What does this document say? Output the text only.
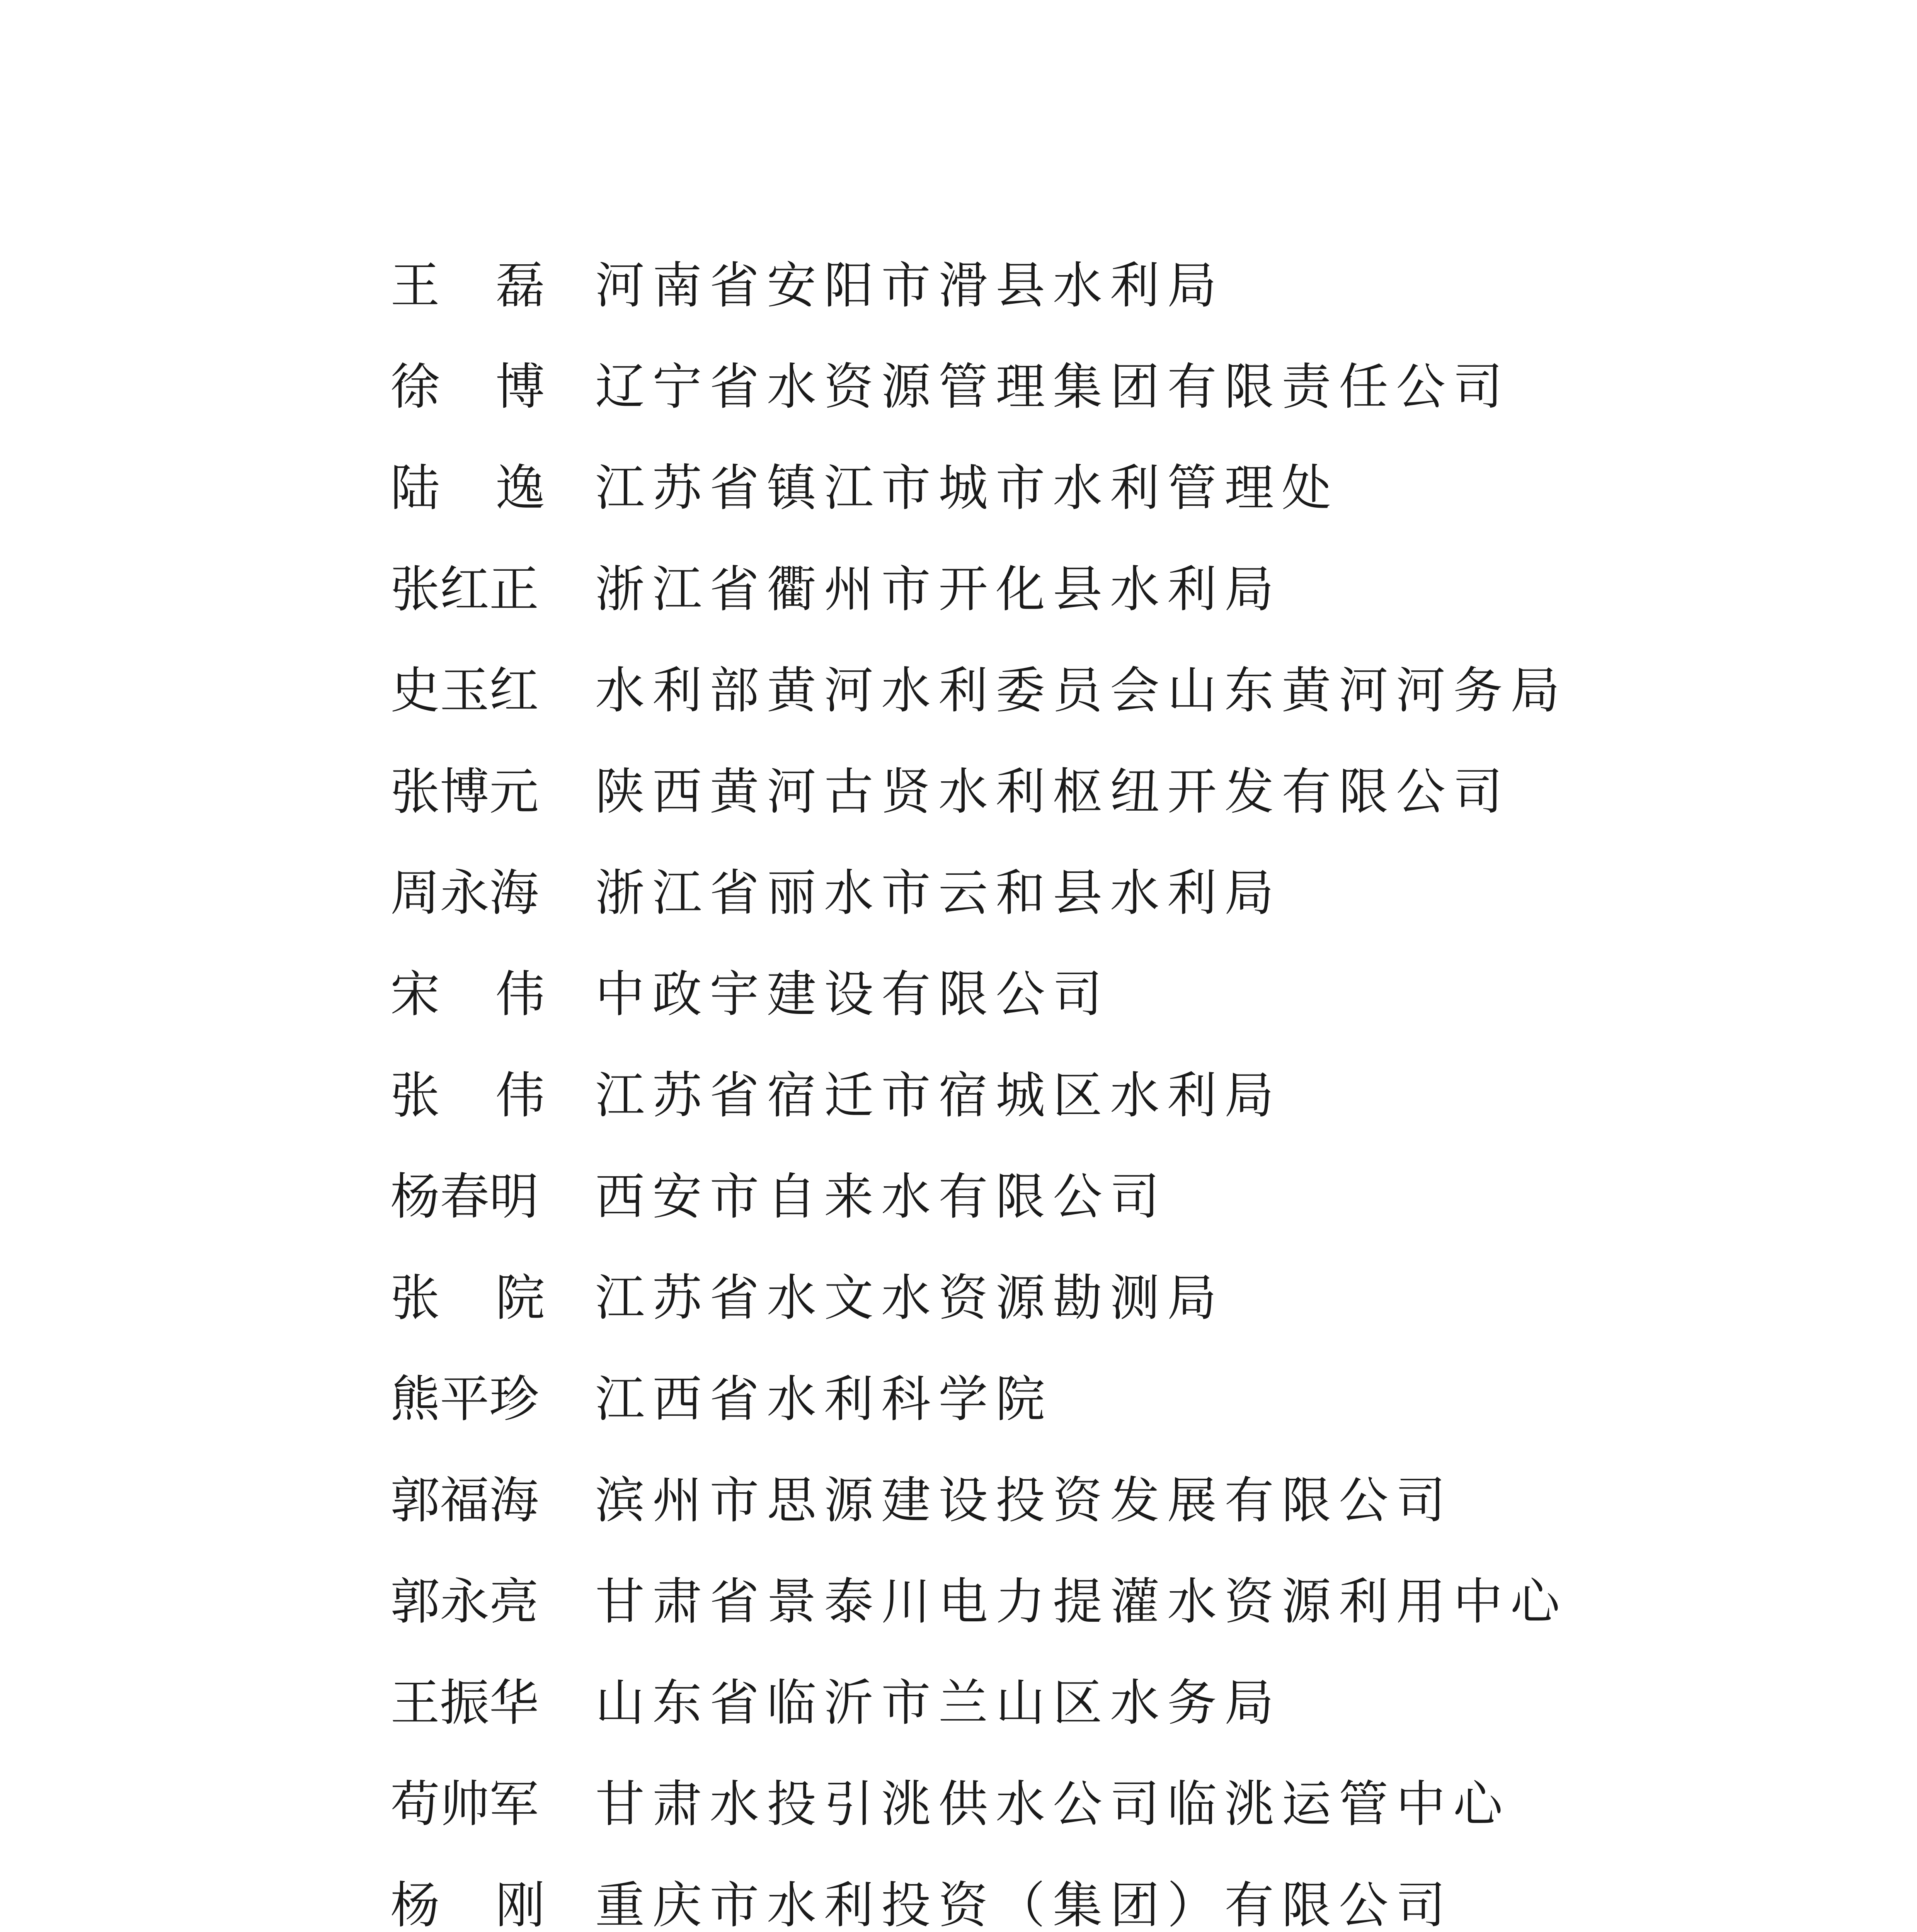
王 磊 河南省安阳市滑县水利局
徐 博 辽宁省水资源管理集团有限责任公司
陆 逸 江苏省镇江市城市水利管理处
张红正 浙江省衢州市开化县水利局
史玉红 水利部黄河水利委员会山东黄河河务局
张博元 陕西黄河古贤水利枢纽开发有限公司
周永海 浙江省丽水市云和县水利局
宋 伟 中政宇建设有限公司
张 伟 江苏省宿迁市宿城区水利局
杨春明 西安市自来水有限公司
张 院 江苏省水文水资源勘测局
熊平珍 江西省水利科学院
郭福海 滨州市思源建设投资发展有限公司
郭永亮 甘肃省景泰川电力提灌水资源利用中心
王振华 山东省临沂市兰山区水务局
苟帅军 甘肃水投引洮供水公司临洮运管中心
杨 刚 重庆市水利投资（集团）有限公司
